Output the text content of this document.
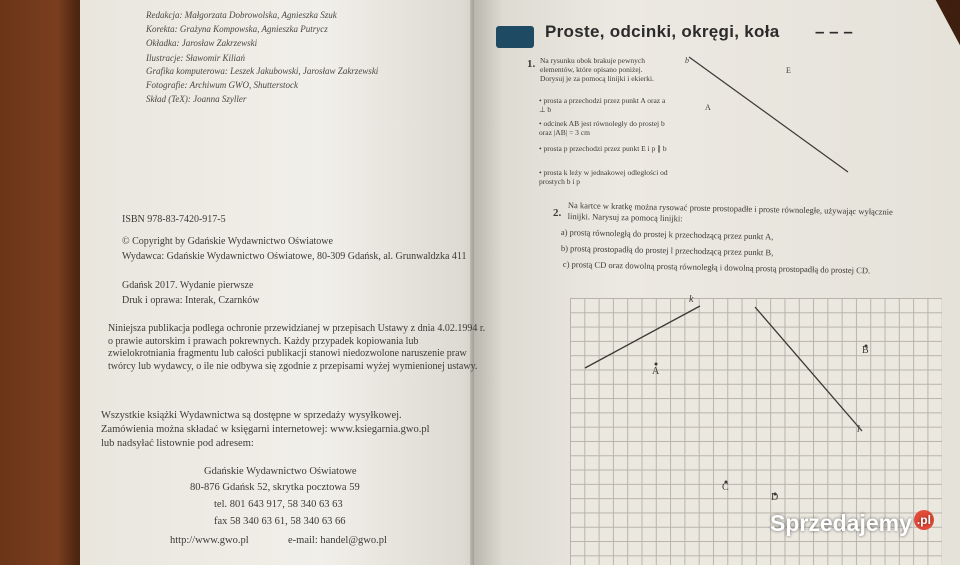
Redakcja: Małgorzata Dobrowolska, Agnieszka Szuk
Korekta: Grażyna Kompowska, Agnieszka Putrycz
Okładka: Jarosław Zakrzewski
Ilustracje: Sławomir Kiliań
Grafika komputerowa: Leszek Jakubowski, Jarosław Zakrzewski
Fotografie: Archiwum GWO, Shutterstock
Skład (TeX): Joanna Szyller
ISBN 978-83-7420-917-5
© Copyright by Gdańskie Wydawnictwo Oświatowe
Wydawca: Gdańskie Wydawnictwo Oświatowe, 80-309 Gdańsk, al. Grunwaldzka 411
Gdańsk 2017. Wydanie pierwsze
Druk i oprawa: Interak, Czarnków
Niniejsza publikacja podlega ochronie przewidzianej w przepisach Ustawy z dnia 4.02.1994 r. o prawie autorskim i prawach pokrewnych. Każdy przypadek kopiowania lub zwielokrotniania fragmentu lub całości publikacji stanowi niedozwolone naruszenie praw twórcy lub wydawcy, o ile nie odbywa się zgodnie z przepisami wyżej wymienionej ustawy.
Wszystkie książki Wydawnictwa są dostępne w sprzedaży wysyłkowej.
Zamówienia można składać w księgarni internetowej: www.ksiegarnia.gwo.pl
lub nadsyłać listownie pod adresem:
Gdańskie Wydawnictwo Oświatowe
80-876 Gdańsk 52, skrytka pocztowa 59
tel. 801 643 917, 58 340 63 63
fax 58 340 63 61, 58 340 63 66
http://www.gwo.pl	e-mail: handel@gwo.pl
Proste, odcinki, okręgi, koła – – –
1. Na rysunku obok brakuje pewnych elementów, które opisano poniżej. Dorysuj je za pomocą linijki i ekierki.
• prosta a przechodzi przez punkt A oraz a ⊥ b
• odcinek AB jest równoległy do prostej b oraz |AB| = 3 cm
• prosta p przechodzi przez punkt E i p ∥ b
• prosta k leży w jednakowej odległości od prostych b i p
b
E
A
2. Na kartce w kratkę można rysować proste prostopadłe i proste równoległe, używając wyłącznie linijki. Narysuj za pomocą linijki:
a) prostą równoległą do prostej k przechodzącą przez punkt A,
b) prostą prostopadłą do prostej l przechodzącą przez punkt B,
c) prostą CD oraz dowolną prostą równoległą i dowolną prostą prostopadłą do prostej CD.
k
A
B
l
C
D
Sprzedajemy .pl
